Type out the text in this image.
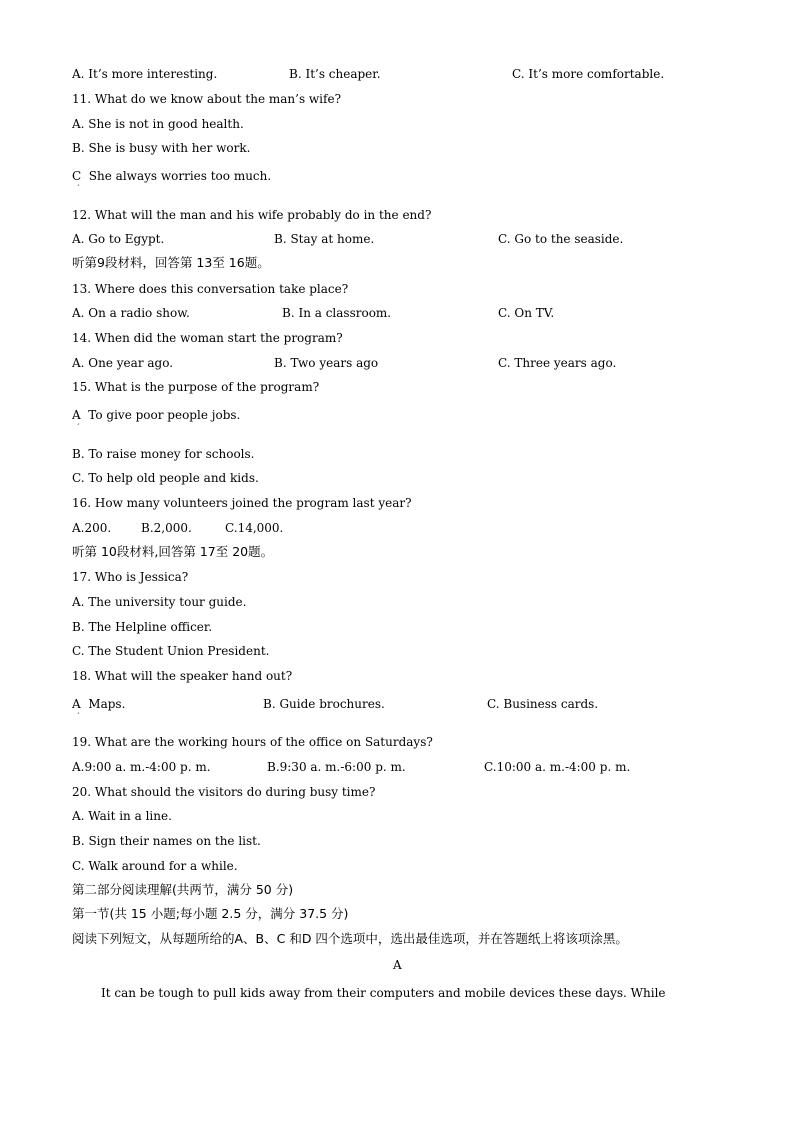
A. It’s more interesting.	B. It’s cheaper.	C. It’s more comfortable.
11. What do we know about the man’s wife?
A. She is not in good health.
B. She is busy with her work.
C  She always worries too much.
ˊ
12. What will the man and his wife probably do in the end?
A. Go to Egypt.	B. Stay at home.	C. Go to the seaside.
听第9段材料，回答第 13至 16题。
13. Where does this conversation take place?
A. On a radio show.	B. In a classroom.	C. On TV.
14. When did the woman start the program?
A. One year ago.	B. Two years ago	C. Three years ago.
15. What is the purpose of the program?
A  To give poor people jobs.
ˊ
B. To raise money for schools.
C. To help old people and kids.
16. How many volunteers joined the program last year?
A.200. B.2,000.	C.14,000.
听第 10段材料,回答第 17至 20题。
17. Who is Jessica?
A. The university tour guide.
B. The Helpline officer.
C. The Student Union President.
18. What will the speaker hand out?
A  Maps.
ˊ
B. Guide brochures.	C. Business cards.
19. What are the working hours of the office on Saturdays?
A.9:00 a. m.-4:00 p. m.	B.9:30 a. m.-6:00 p. m.	C.10:00 a. m.-4:00 p. m.
20. What should the visitors do during busy time?
A. Wait in a line.
B. Sign their names on the list.
C. Walk around for a while.
第二部分阅读理解(共两节，满分 50 分)
第一节(共 15 小题;每小题 2.5 分，满分 37.5 分)
阅读下列短文，从每题所给的A、B、C 和D 四个选项中，选出最佳选项，并在答题纸上将该项涂黑。
A
It can be tough to pull kids away from their computers and mobile devices these days. While
